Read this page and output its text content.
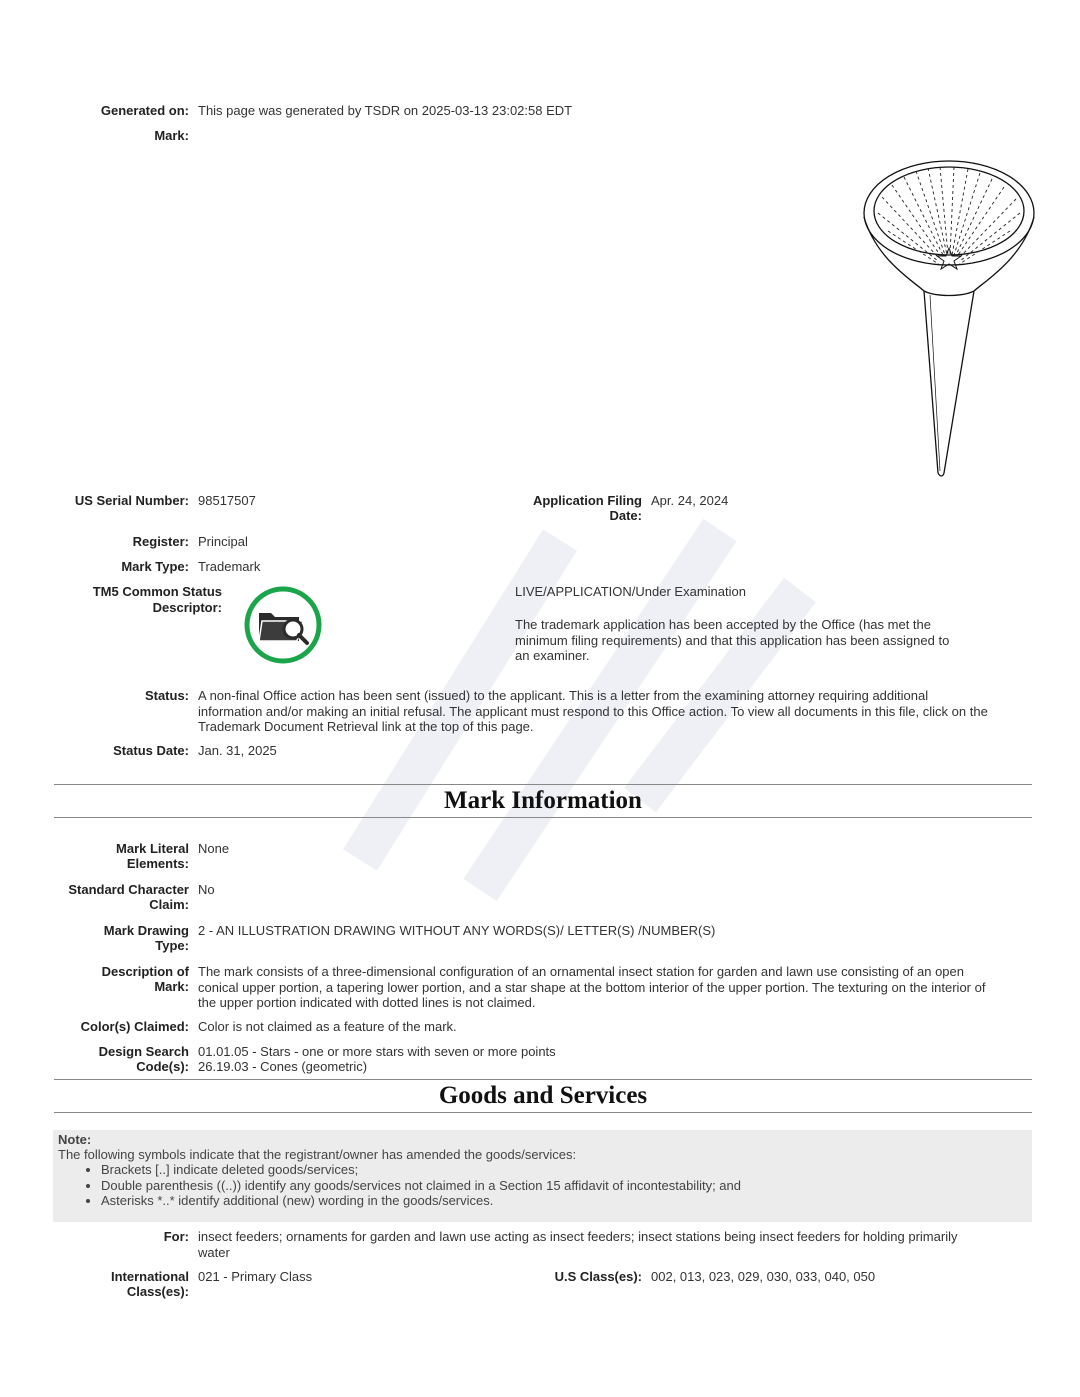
Generated on: This page was generated by TSDR on 2025-03-13 23:02:58 EDT
Mark:
US Serial Number: 98517507	Application Filing
Date:
Apr. 24, 2024
Register: Principal
Mark Type: Trademark
TM5 Common Status
Descriptor:
LIVE/APPLICATION/Under Examination
The trademark application has been accepted by the Office (has met the minimum filing requirements) and that this application has been assigned to an examiner.
Status: A non-final Office action has been sent (issued) to the applicant. This is a letter from the examining attorney requiring additional information and/or making an initial refusal. The applicant must respond to this Office action. To view all documents in this file, click on the Trademark Document Retrieval link at the top of this page.
Status Date: Jan. 31, 2025
Mark Information
Mark Literal
Elements:
None
Standard Character
Claim:
No
Mark Drawing
Type:
2 - AN ILLUSTRATION DRAWING WITHOUT ANY WORDS(S)/ LETTER(S) /NUMBER(S)
Description of
Mark:
The mark consists of a three-dimensional configuration of an ornamental insect station for garden and lawn use consisting of an open conical upper portion, a tapering lower portion, and a star shape at the bottom interior of the upper portion. The texturing on the interior of the upper portion indicated with dotted lines is not claimed.
Color(s) Claimed: Color is not claimed as a feature of the mark.
Design Search
Code(s):
01.01.05 - Stars - one or more stars with seven or more points
26.19.03 - Cones (geometric)
Goods and Services
Note:
The following symbols indicate that the registrant/owner has amended the goods/services:
• Brackets [..] indicate deleted goods/services;
• Double parenthesis ((..)) identify any goods/services not claimed in a Section 15 affidavit of incontestability; and
• Asterisks *..* identify additional (new) wording in the goods/services.
For: insect feeders; ornaments for garden and lawn use acting as insect feeders; insect stations being insect feeders for holding primarily water
International
Class(es):
021 - Primary Class	U.S Class(es): 002, 013, 023, 029, 030, 033, 040, 050
